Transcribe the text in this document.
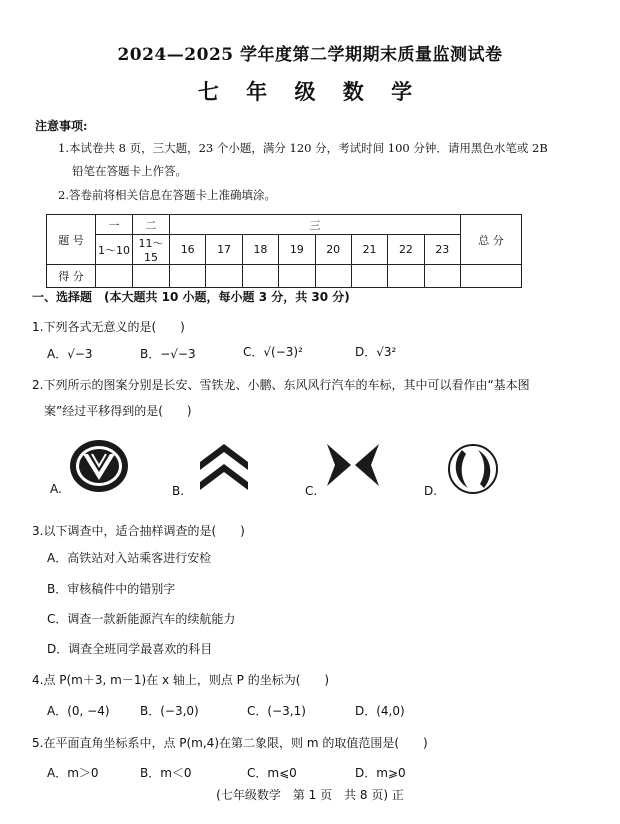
2024—2025 学年度第二学期期末质量监测试卷
七 年 级 数 学
注意事项:
1.本试卷共 8 页，三大题，23 个小题，满分 120 分，考试时间 100 分钟．请用黑色水笔或 2B
铅笔在答题卡上作答。
2.答卷前将相关信息在答题卡上准确填涂。
题 号	一	二	三								总 分
	1～10	11～15	16	17	18	19	20	21	22	23	
得 分											
一、选择题　(本大题共 10 小题，每小题 3 分，共 30 分)
1.下列各式无意义的是(　　)
A．√−3	B．−√−3	C．√(−3)²	D．√3²
2.下列所示的图案分别是长安、雪铁龙、小鹏、东风风行汽车的车标，其中可以看作由“基本图
案”经过平移得到的是(　　)
A.	B.	C.	D.
3.以下调查中，适合抽样调查的是(　　)
A．高铁站对入站乘客进行安检
B．审核稿件中的错别字
C．调查一款新能源汽车的续航能力
D．调查全班同学最喜欢的科目
4.点 P(m＋3, m－1)在 x 轴上，则点 P 的坐标为(　　)
A．(0, −4)	B．(−3,0)	C．(−3,1)	D．(4,0)
5.在平面直角坐标系中，点 P(m,4)在第二象限，则 m 的取值范围是(　　)
A．m＞0	B．m＜0	C．m⩽0	D．m⩾0
(七年级数学　第 1 页　共 8 页) 正
